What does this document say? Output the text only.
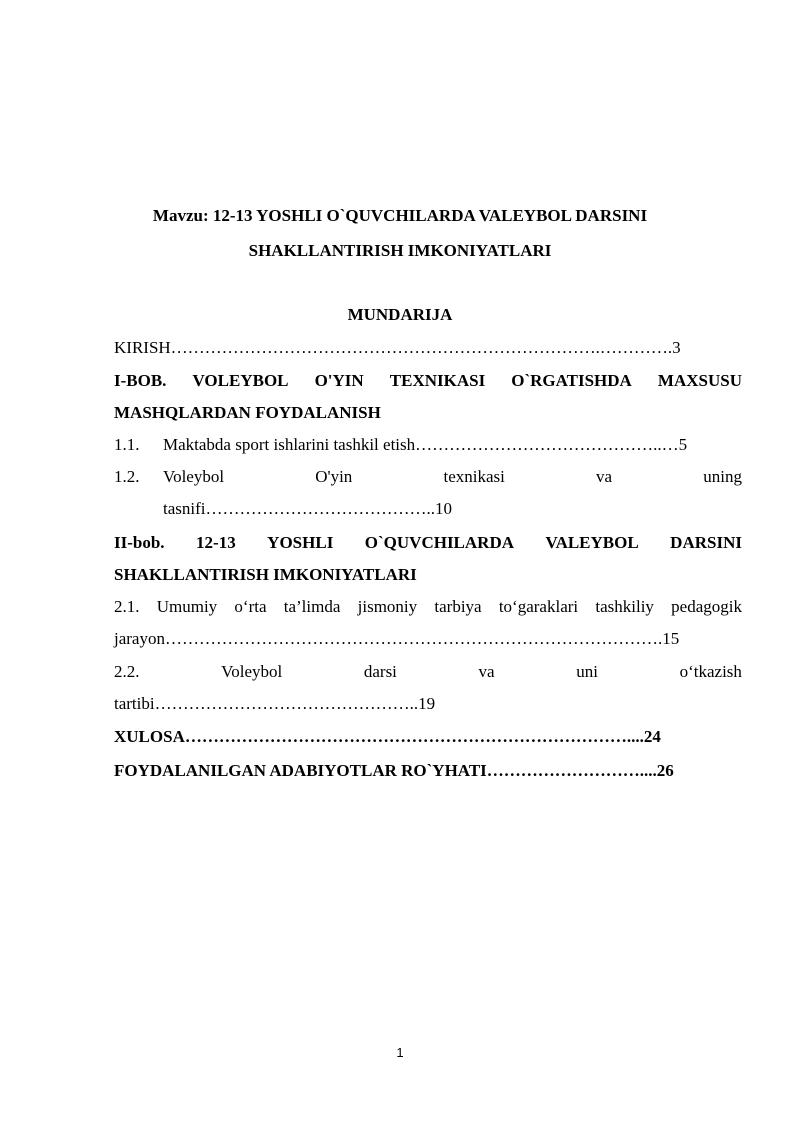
Mavzu: 12-13 YOSHLI O`QUVCHILARDA VALEYBOL DARSINI
SHAKLLANTIRISH IMKONIYATLARI
MUNDARIJA
KIRISH………………………………………………………………….………….3
I-BOB. VOLEYBOL O'YIN TEXNIKASI O`RGATISHDA MAXSUSU
MASHQLARDAN FOYDALANISH
1.1. Maktabda sport ishlarini tashkil etish……………………………………..…5
1.2. Voleybol	O'yin	texnikasi	va	uning
tasnifi…………………………………..10
II-bob. 12-13 YOSHLI O`QUVCHILARDA VALEYBOL DARSINI
SHAKLLANTIRISH IMKONIYATLARI
2.1. Umumiy o‘rta ta’limda jismoniy tarbiya to‘garaklari tashkiliy pedagogik
jarayon…………………………………………………………………………….15
2.2.	Voleybol	darsi	va	uni	o‘tkazish
tartibi………………………………………..19
XULOSA……………………………………………………………………....24
FOYDALANILGAN ADABIYOTLAR RO`YHATI………………………....26
1
